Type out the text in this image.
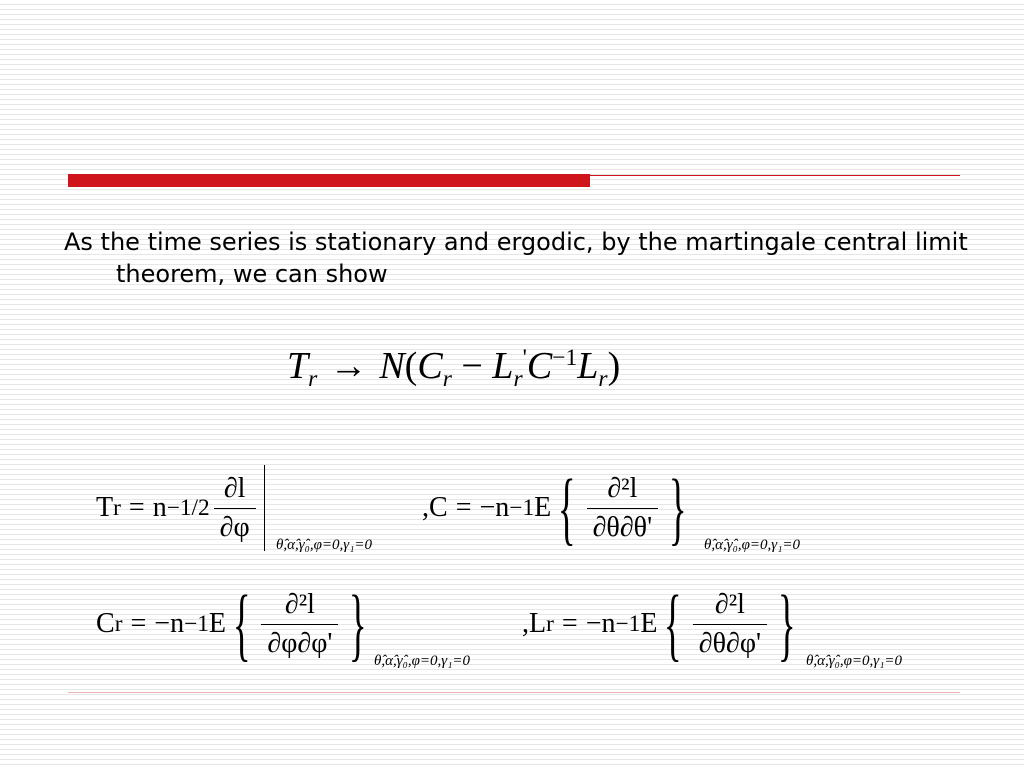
As the time series is stationary and ergodic, by the martingale central limit theorem, we can show

$T_r \to N(C_r - L_r'C^{-1}L_r)$
T $r = n -1/2 \frac{\partial l}{\partial\varphi}$
θ̂,α̂,γ̂₀,φ=0,γ₁=0
, C = − n −1 E { $\frac{\text{∂²l}}{\partial\theta\partial\theta'}$ } θ̂,α̂,γ̂₀,φ=0,γ₁=0
C r = − n −1 E { $\frac{\text{∂²l}}{\partial\varphi\partial\varphi'}$ } θ̂,α̂,γ̂₀,φ=0,γ₁=0
, L r = − n −1 E { $\frac{\text{∂²l}}{\partial\theta\partial\varphi'}$ } θ̂,α̂,γ̂₀,φ=0,γ₁=0
